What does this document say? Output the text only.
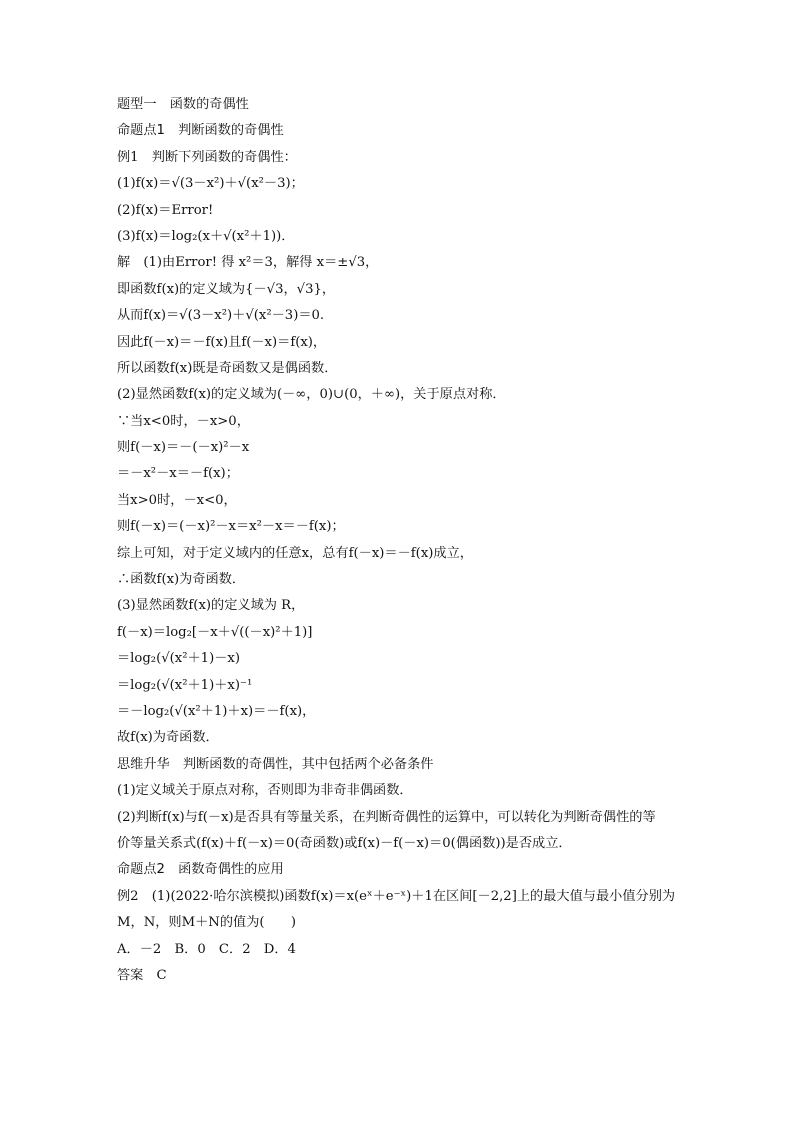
题型一　函数的奇偶性
命题点1　判断函数的奇偶性
例1　判断下列函数的奇偶性：
(1)f(x)＝√(3－x²)＋√(x²－3)；
(2)f(x)＝Error!
(3)f(x)＝log₂(x＋√(x²＋1))．
解　(1)由Error! 得 x²＝3，解得 x＝±√3，
即函数f(x)的定义域为{－√3，√3}，
从而f(x)＝√(3－x²)＋√(x²－3)＝0.
因此f(－x)＝－f(x)且f(－x)＝f(x)，
所以函数f(x)既是奇函数又是偶函数．
(2)显然函数f(x)的定义域为(－∞，0)∪(0，＋∞)，关于原点对称．
∵当x<0时，－x>0，
则f(－x)＝－(－x)²－x
＝－x²－x＝－f(x)；
当x>0时，－x<0，
则f(－x)＝(－x)²－x＝x²－x＝－f(x)；
综上可知，对于定义域内的任意x，总有f(－x)＝－f(x)成立，
∴函数f(x)为奇函数．
(3)显然函数f(x)的定义域为 R，
f(－x)＝log₂[－x＋√((－x)²＋1)]
＝log₂(√(x²＋1)－x)
＝log₂(√(x²＋1)＋x)⁻¹
＝－log₂(√(x²＋1)＋x)＝－f(x)，
故f(x)为奇函数．
思维升华　判断函数的奇偶性，其中包括两个必备条件
(1)定义域关于原点对称，否则即为非奇非偶函数．
(2)判断f(x)与f(－x)是否具有等量关系，在判断奇偶性的运算中，可以转化为判断奇偶性的等
价等量关系式(f(x)＋f(－x)＝0(奇函数)或f(x)－f(－x)＝0(偶函数))是否成立．
命题点2　函数奇偶性的应用
例2　(1)(2022·哈尔滨模拟)函数f(x)＝x(eˣ＋e⁻ˣ)＋1在区间[－2,2]上的最大值与最小值分别为
M，N，则M＋N的值为(　　)
A．－2　B．0　C．2　D．4
答案　C
